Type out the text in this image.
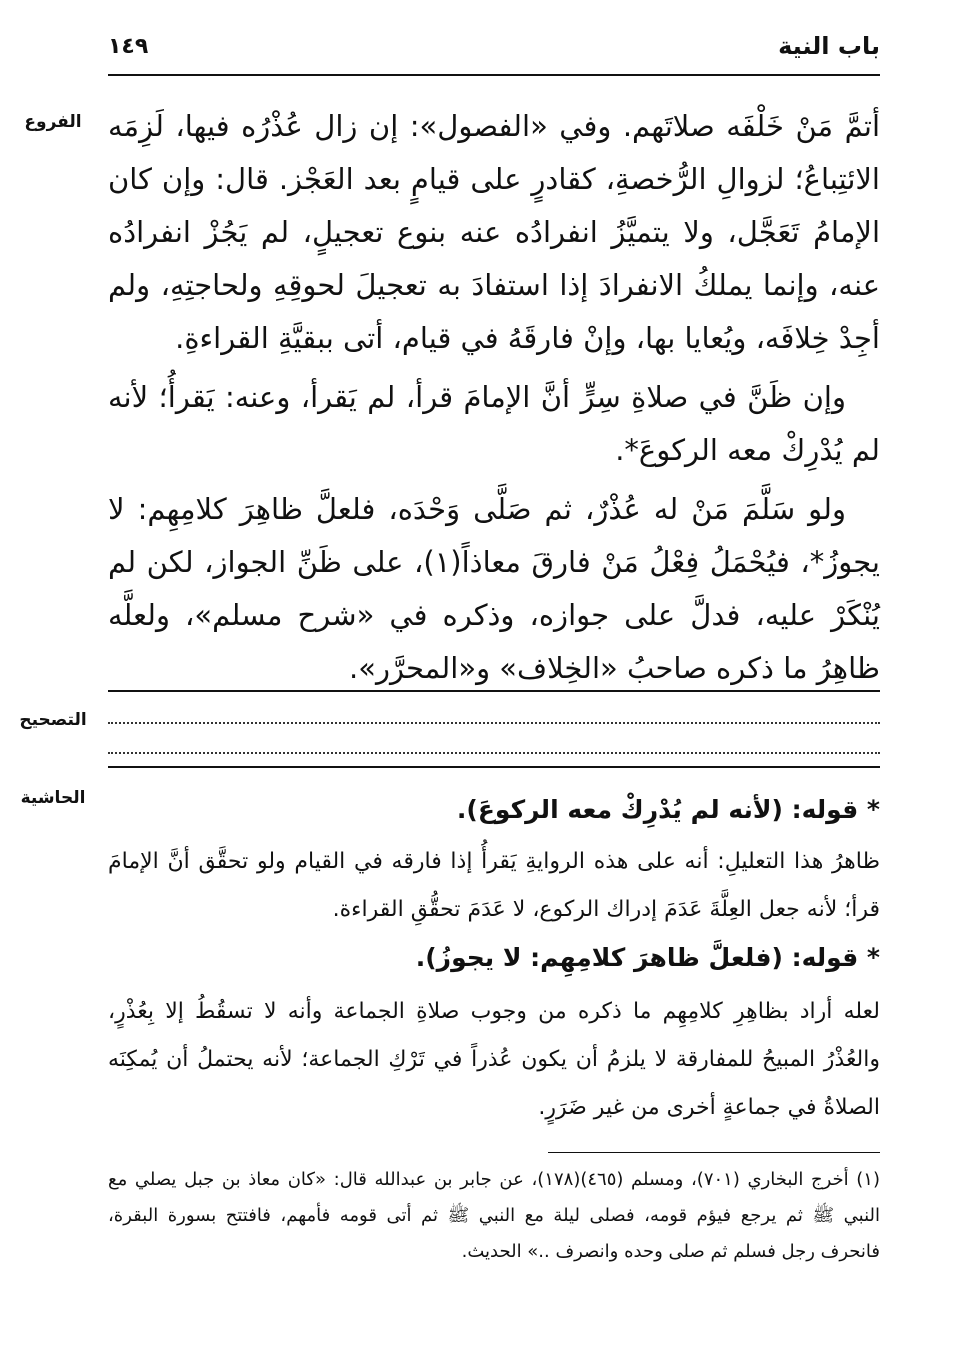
١٤٩	باب النية
الفروع أتمَّ مَنْ خَلْفَه صلاتَهم. وفي «الفصول»: إن زال عُذْرُه فيها، لَزِمَه الائتِباعُ؛ لزوالِ الرُّخصةِ، كقادرٍ على قيامٍ بعد العَجْز. قال: وإن كان الإمامُ تَعَجَّل، ولا يتميَّزُ انفرادُه عنه بنوع تعجيلٍ، لم يَجُزْ انفرادُه عنه، وإنما يملكُ الانفرادَ إذا استفادَ به تعجيلَ لحوقِهِ ولحاجتِهِ، ولم أجِدْ خِلافَه، ويُعايا بها، وإنْ فارقَهُ في قيام، أتى ببقيَّةِ القراءةِ.

وإن ظَنَّ في صلاةِ سِرٍّ أنَّ الإمامَ قرأ، لم يَقرأ، وعنه: يَقرأُ؛ لأنه لم يُدْرِكْ معه الركوعَ*.

ولو سَلَّمَ مَنْ له عُذْرٌ، ثم صَلَّى وَحْدَه، فلعلَّ ظاهِرَ كلامِهِم: لا يجوزُ*، فيُحْمَلُ فِعْلُ مَنْ فارقَ معاذاً(١)، على ظَنِّ الجواز، لكن لم يُنْكَرْ عليه، فدلَّ على جوازه، وذكره في «شرح مسلم»، ولعلَّه ظاهِرُ ما ذكره صاحبُ «الخِلاف» و«المحرَّر».

التصحيح
الحاشية	* قوله: (لأنه لم يُدْرِكْ معه الركوعَ).

ظاهرُ هذا التعليلِ: أنه على هذه الروايةِ يَقرأُ إذا فارقه في القيام ولو تحقَّق أنَّ الإمامَ قرأ؛ لأنه جعل العِلَّةَ عَدَمَ إدراك الركوع، لا عَدَمَ تحقُّقِ القراءة.

* قوله: (فلعلَّ ظاهرَ كلامِهِم: لا يجوزُ).

لعله أراد بظاهِرِ كلامِهِم ما ذكره من وجوب صلاةِ الجماعة وأنه لا تسقُطُ إلا بِعُذْرٍ، والعُذْرُ المبيحُ للمفارقة لا يلزمُ أن يكون عُذراً في تَرْكِ الجماعة؛ لأنه يحتملُ أن يُمكِنَه الصلاةُ في جماعةٍ أخرى من غير ضَرَرٍ.

(١) أخرج البخاري (٧٠١)، ومسلم (٤٦٥)(١٧٨)، عن جابر بن عبدالله قال: «كان معاذ بن جبل يصلي مع النبي ﷺ ثم يرجع فيؤم قومه، فصلى ليلة مع النبي ﷺ ثم أتى قومه فأمهم، فافتتح بسورة البقرة، فانحرف رجل فسلم ثم صلى وحده وانصرف ..» الحديث.
